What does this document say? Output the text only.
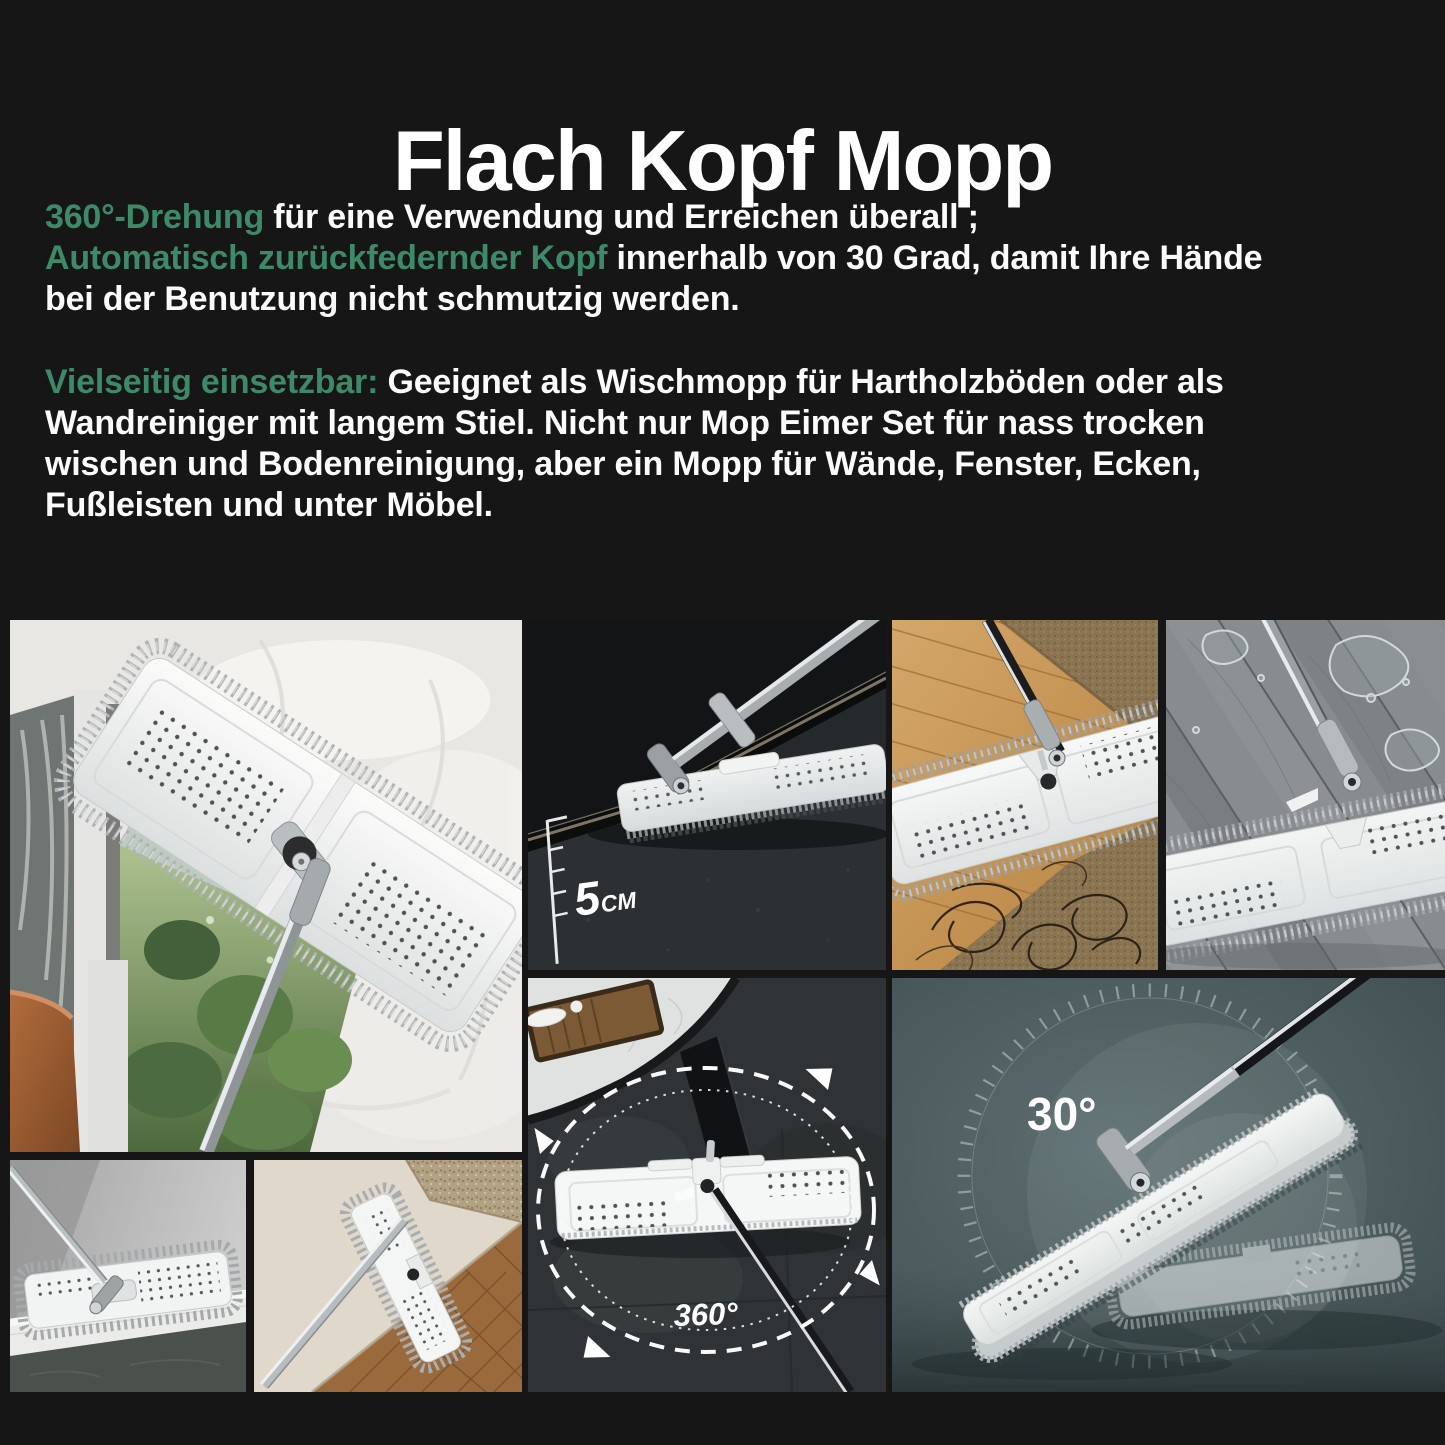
Flach Kopf Mopp
360°-Drehung für eine Verwendung und Erreichen überall ;
Automatisch zurückfedernder Kopf innerhalb von 30 Grad, damit Ihre Hände
bei der Benutzung nicht schmutzig werden.
Vielseitig einsetzbar: Geeignet als Wischmopp für Hartholzböden oder als
Wandreiniger mit langem Stiel. Nicht nur Mop Eimer Set für nass trocken
wischen und Bodenreinigung, aber ein Mopp für Wände, Fenster, Ecken,
Fußleisten und unter Möbel.
5CM
360°
30°
